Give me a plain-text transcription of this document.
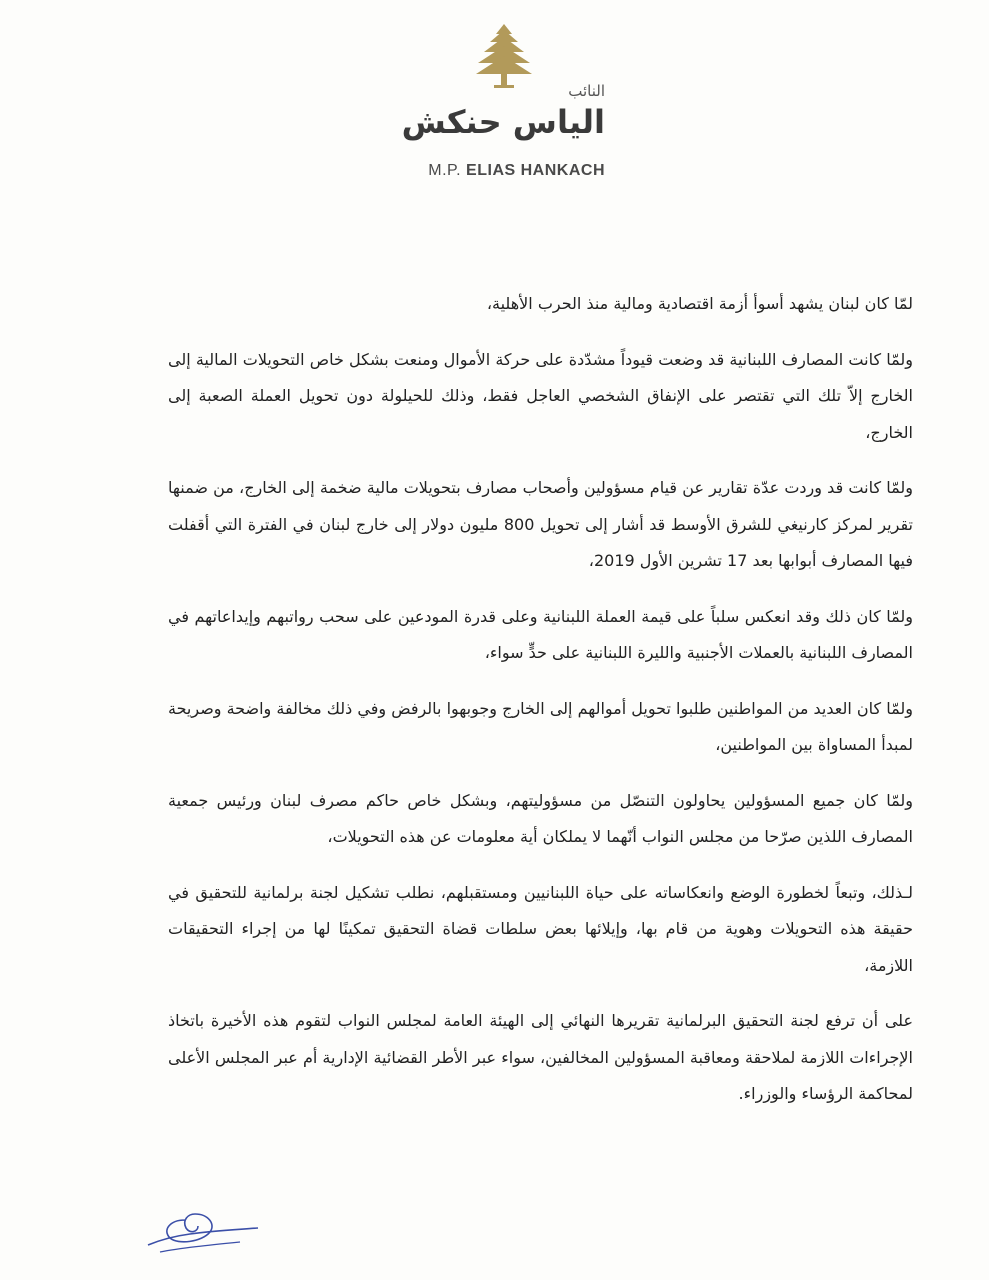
النائب
الياس حنكش
M.P. ELIAS HANKACH

لمّا كان لبنان يشهد أسوأ أزمة اقتصادية ومالية منذ الحرب الأهلية،

ولمّا كانت المصارف اللبنانية قد وضعت قيوداً مشدّدة على حركة الأموال ومنعت بشكل خاص التحويلات المالية إلى الخارج إلاّ تلك التي تقتصر على الإنفاق الشخصي العاجل فقط، وذلك للحيلولة دون تحويل العملة الصعبة إلى الخارج،

ولمّا كانت قد وردت عدّة تقارير عن قيام مسؤولين وأصحاب مصارف بتحويلات مالية ضخمة إلى الخارج، من ضمنها تقرير لمركز كارنيغي للشرق الأوسط قد أشار إلى تحويل 800 مليون دولار إلى خارج لبنان في الفترة التي أقفلت فيها المصارف أبوابها بعد 17 تشرين الأول 2019،

ولمّا كان ذلك وقد انعكس سلباً على قيمة العملة اللبنانية وعلى قدرة المودعين على سحب رواتبهم وإيداعاتهم في المصارف اللبنانية بالعملات الأجنبية والليرة اللبنانية على حدٍّ سواء،

ولمّا كان العديد من المواطنين طلبوا تحويل أموالهم إلى الخارج وجوبهوا بالرفض وفي ذلك مخالفة واضحة وصريحة لمبدأ المساواة بين المواطنين،

ولمّا كان جميع المسؤولين يحاولون التنصّل من مسؤوليتهم، وبشكل خاص حاكم مصرف لبنان ورئيس جمعية المصارف اللذين صرّحا من مجلس النواب أنّهما لا يملكان أية معلومات عن هذه التحويلات،

لـذلك، وتبعاً لخطورة الوضع وانعكاساته على حياة اللبنانيين ومستقبلهم، نطلب تشكيل لجنة برلمانية للتحقيق في حقيقة هذه التحويلات وهوية من قام بها، وإيلائها بعض سلطات قضاة التحقيق تمكينًا لها من إجراء التحقيقات اللازمة،

على أن ترفع لجنة التحقيق البرلمانية تقريرها النهائي إلى الهيئة العامة لمجلس النواب لتقوم هذه الأخيرة باتخاذ الإجراءات اللازمة لملاحقة ومعاقبة المسؤولين المخالفين، سواء عبر الأطر القضائية الإدارية أم عبر المجلس الأعلى لمحاكمة الرؤساء والوزراء.
